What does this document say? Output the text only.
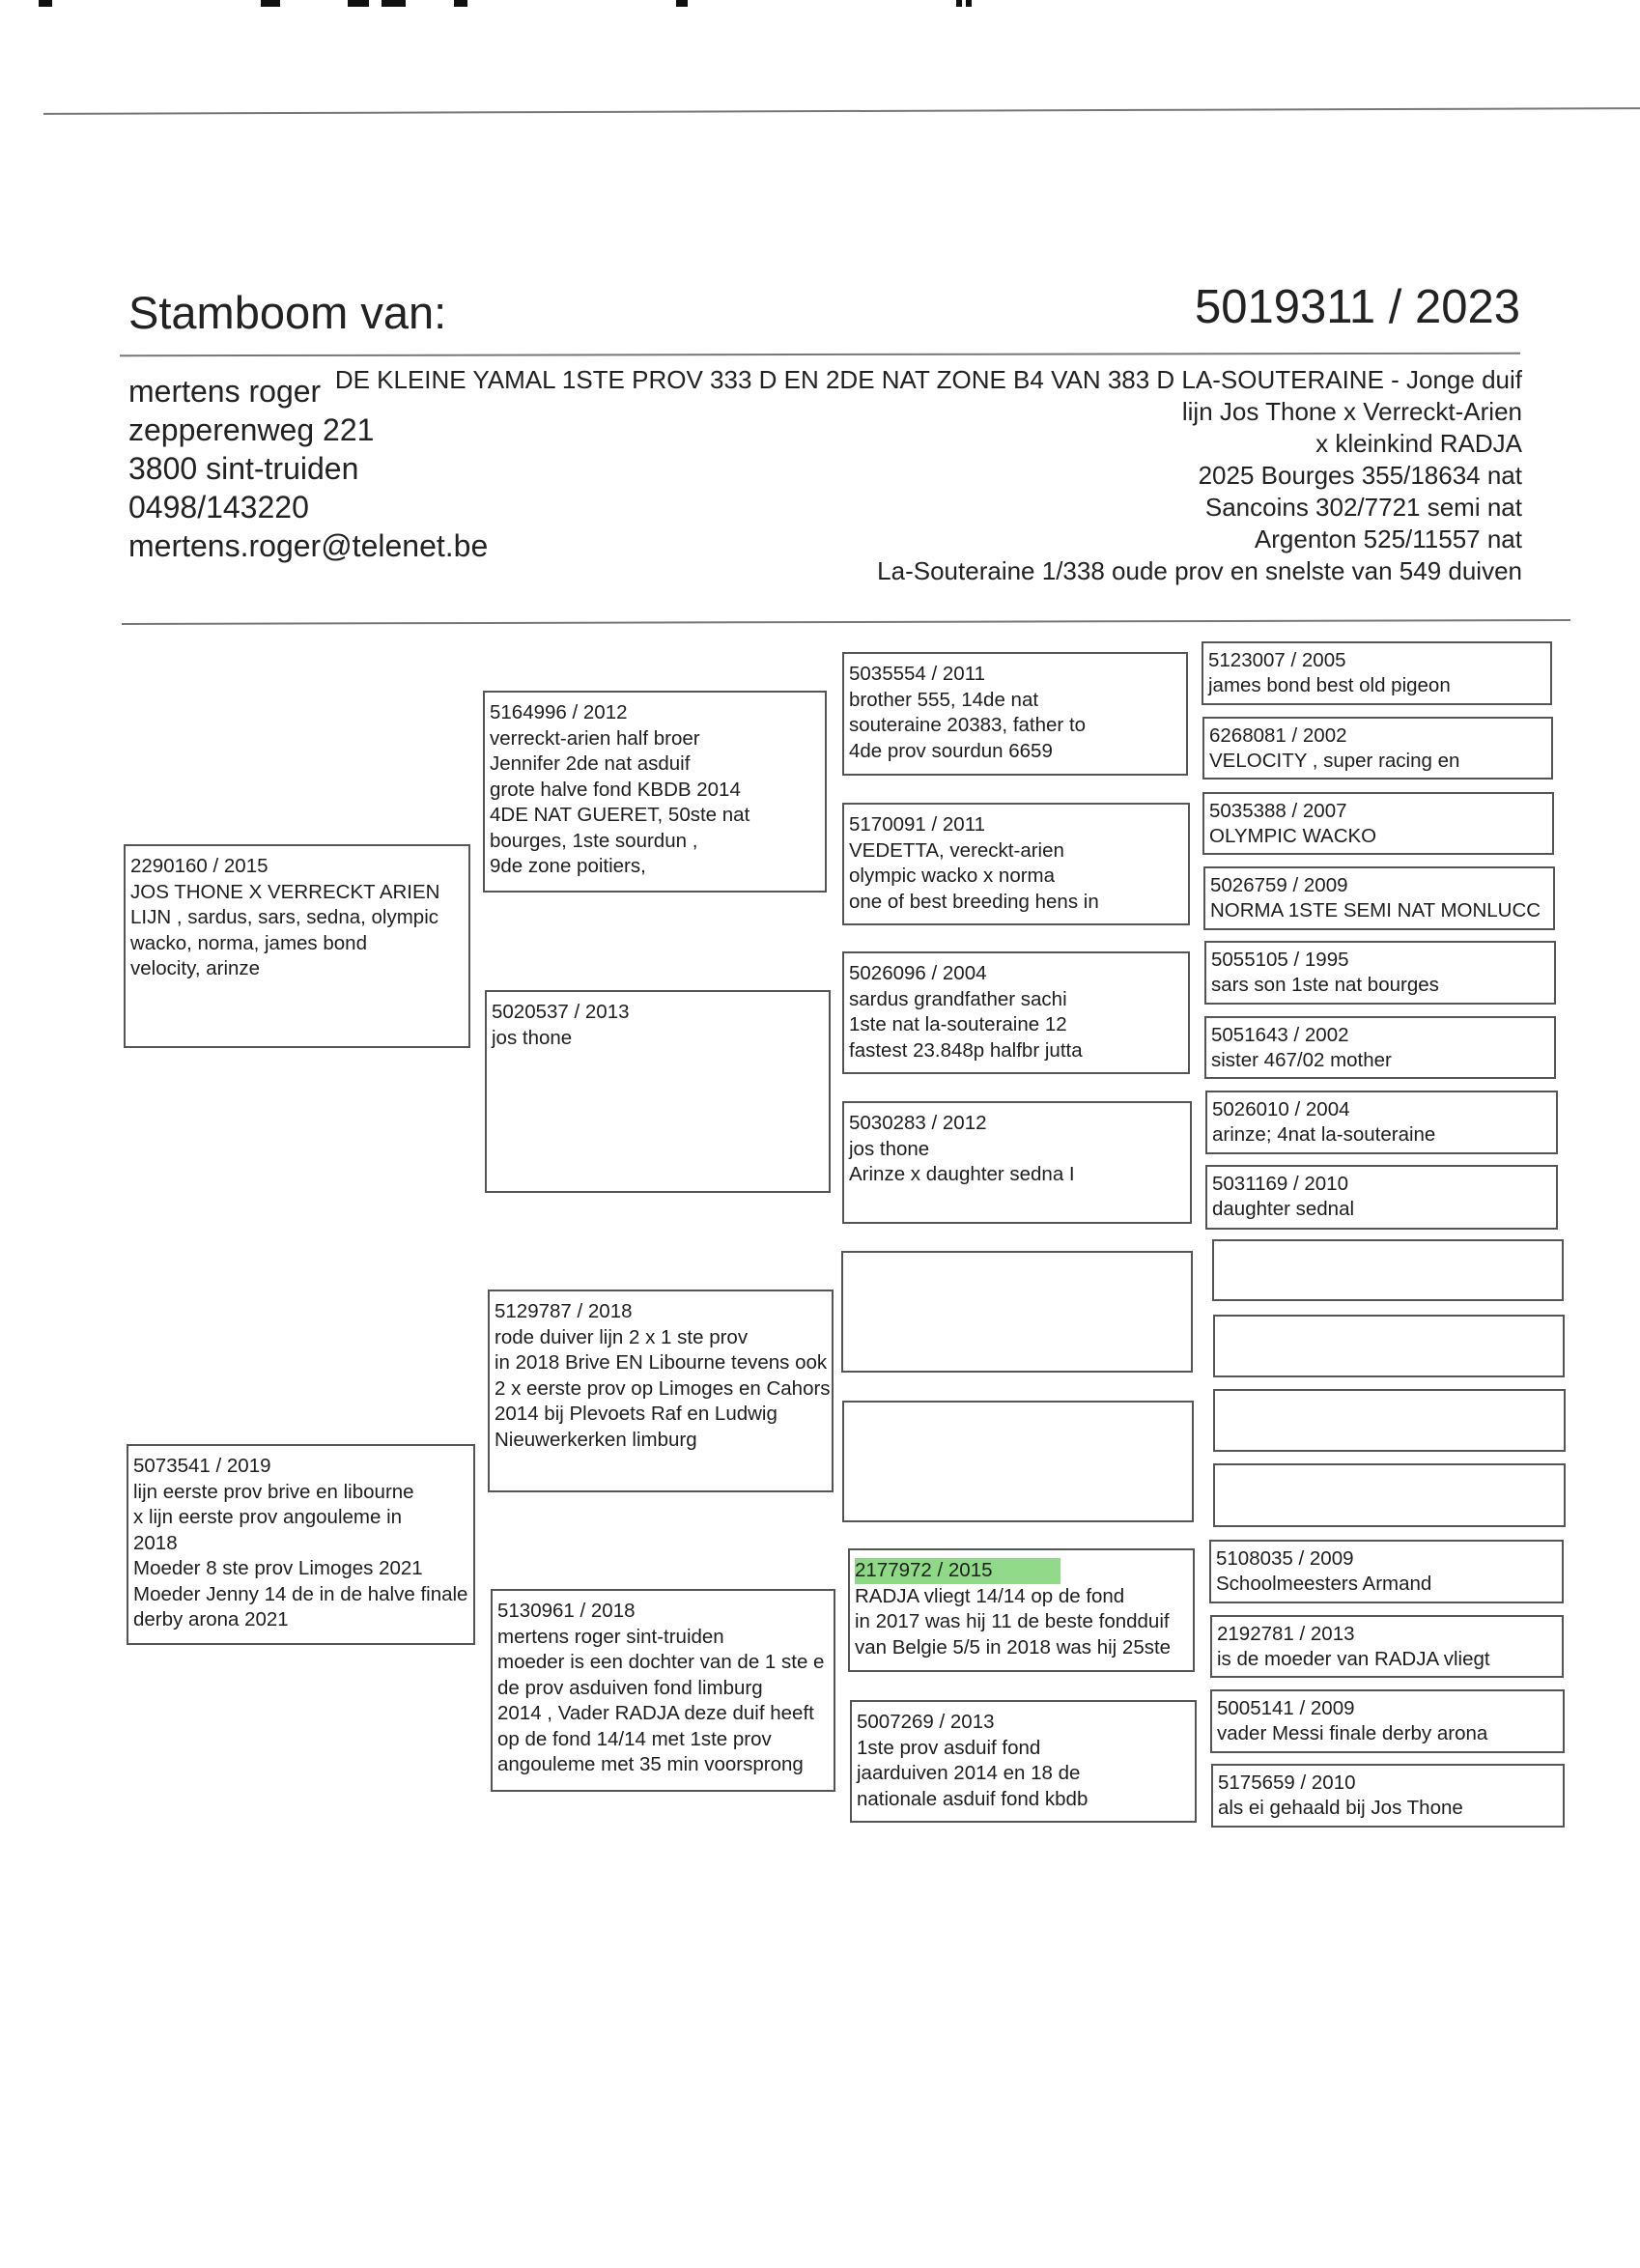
Stamboom van:	5019311 / 2023
mertens roger
zepperenweg 221
3800 sint-truiden
0498/143220
mertens.roger@telenet.be
DE KLEINE YAMAL 1STE PROV 333 D EN 2DE NAT ZONE B4 VAN 383 D LA-SOUTERAINE - Jonge duif
lijn Jos Thone x Verreckt-Arien
x kleinkind RADJA
2025 Bourges 355/18634 nat
Sancoins 302/7721 semi nat
Argenton 525/11557 nat
La-Souteraine 1/338 oude prov en snelste van 549 duiven
2290160 / 2015
JOS THONE X VERRECKT ARIEN
LIJN , sardus, sars, sedna, olympic
wacko, norma, james bond
velocity, arinze
5073541 / 2019
lijn eerste prov brive en libourne
x lijn eerste prov angouleme in
2018
Moeder 8 ste prov Limoges 2021
Moeder Jenny 14 de in de halve finale
derby arona 2021
5164996 / 2012
verreckt-arien half broer
Jennifer 2de nat asduif
grote halve fond KBDB 2014
4DE NAT GUERET, 50ste nat
bourges, 1ste sourdun ,
9de zone poitiers,
5020537 / 2013
jos thone
5129787 / 2018
rode duiver lijn 2 x 1 ste prov
in 2018 Brive EN Libourne tevens ook
2 x eerste prov op Limoges en Cahors
2014 bij Plevoets Raf en Ludwig
Nieuwerkerken limburg
5130961 / 2018
mertens roger sint-truiden
moeder is een dochter van de 1 ste e
de prov asduiven fond limburg
2014 , Vader RADJA deze duif heeft
op de fond 14/14 met 1ste prov
angouleme met 35 min voorsprong
5035554 / 2011
brother 555, 14de nat
souteraine 20383, father to
4de prov sourdun 6659
5170091 / 2011
VEDETTA, vereckt-arien
olympic wacko x norma
one of best breeding hens in
5026096 / 2004
sardus grandfather sachi
1ste nat la-souteraine 12
fastest 23.848p halfbr jutta
5030283 / 2012
jos thone
Arinze x daughter sedna I
2177972 / 2015
RADJA vliegt 14/14 op de fond
in 2017 was hij 11 de beste fondduif
van Belgie 5/5 in 2018 was hij 25ste
5007269 / 2013
1ste prov asduif fond
jaarduiven 2014 en 18 de
nationale asduif fond kbdb
5123007 / 2005
james bond best old pigeon
6268081 / 2002
VELOCITY , super racing en
5035388 / 2007
OLYMPIC WACKO
5026759 / 2009
NORMA 1STE SEMI NAT MONLUCC
5055105 / 1995
sars son 1ste nat bourges
5051643 / 2002
sister 467/02 mother
5026010 / 2004
arinze; 4nat la-souteraine
5031169 / 2010
daughter sednal
5108035 / 2009
Schoolmeesters Armand
2192781 / 2013
is de moeder van RADJA vliegt
5005141 / 2009
vader Messi finale derby arona
5175659 / 2010
als ei gehaald bij Jos Thone
